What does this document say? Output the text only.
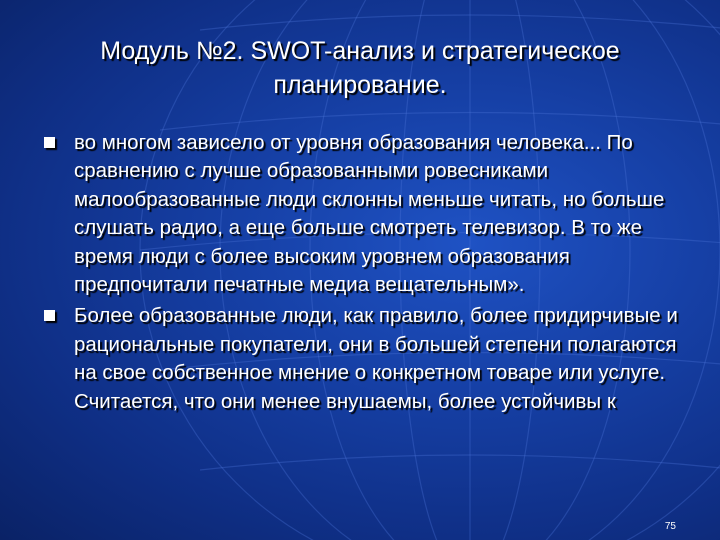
Модуль №2. SWOT-анализ и стратегическое планирование.
во многом зависело от уровня образования человека... По сравнению с лучше образованными ровесниками малообразованные люди склонны меньше читать, но больше слушать радио, а еще больше смотреть телевизор. В то же время люди с более высоким уровнем образования предпочитали печатные медиа вещательным».
Более образованные люди, как правило, более придирчивые и рациональные покупатели, они в большей степени полагаются на свое собственное мнение о конкретном товаре или услуге. Считается, что они менее внушаемы, более устойчивы к
75
